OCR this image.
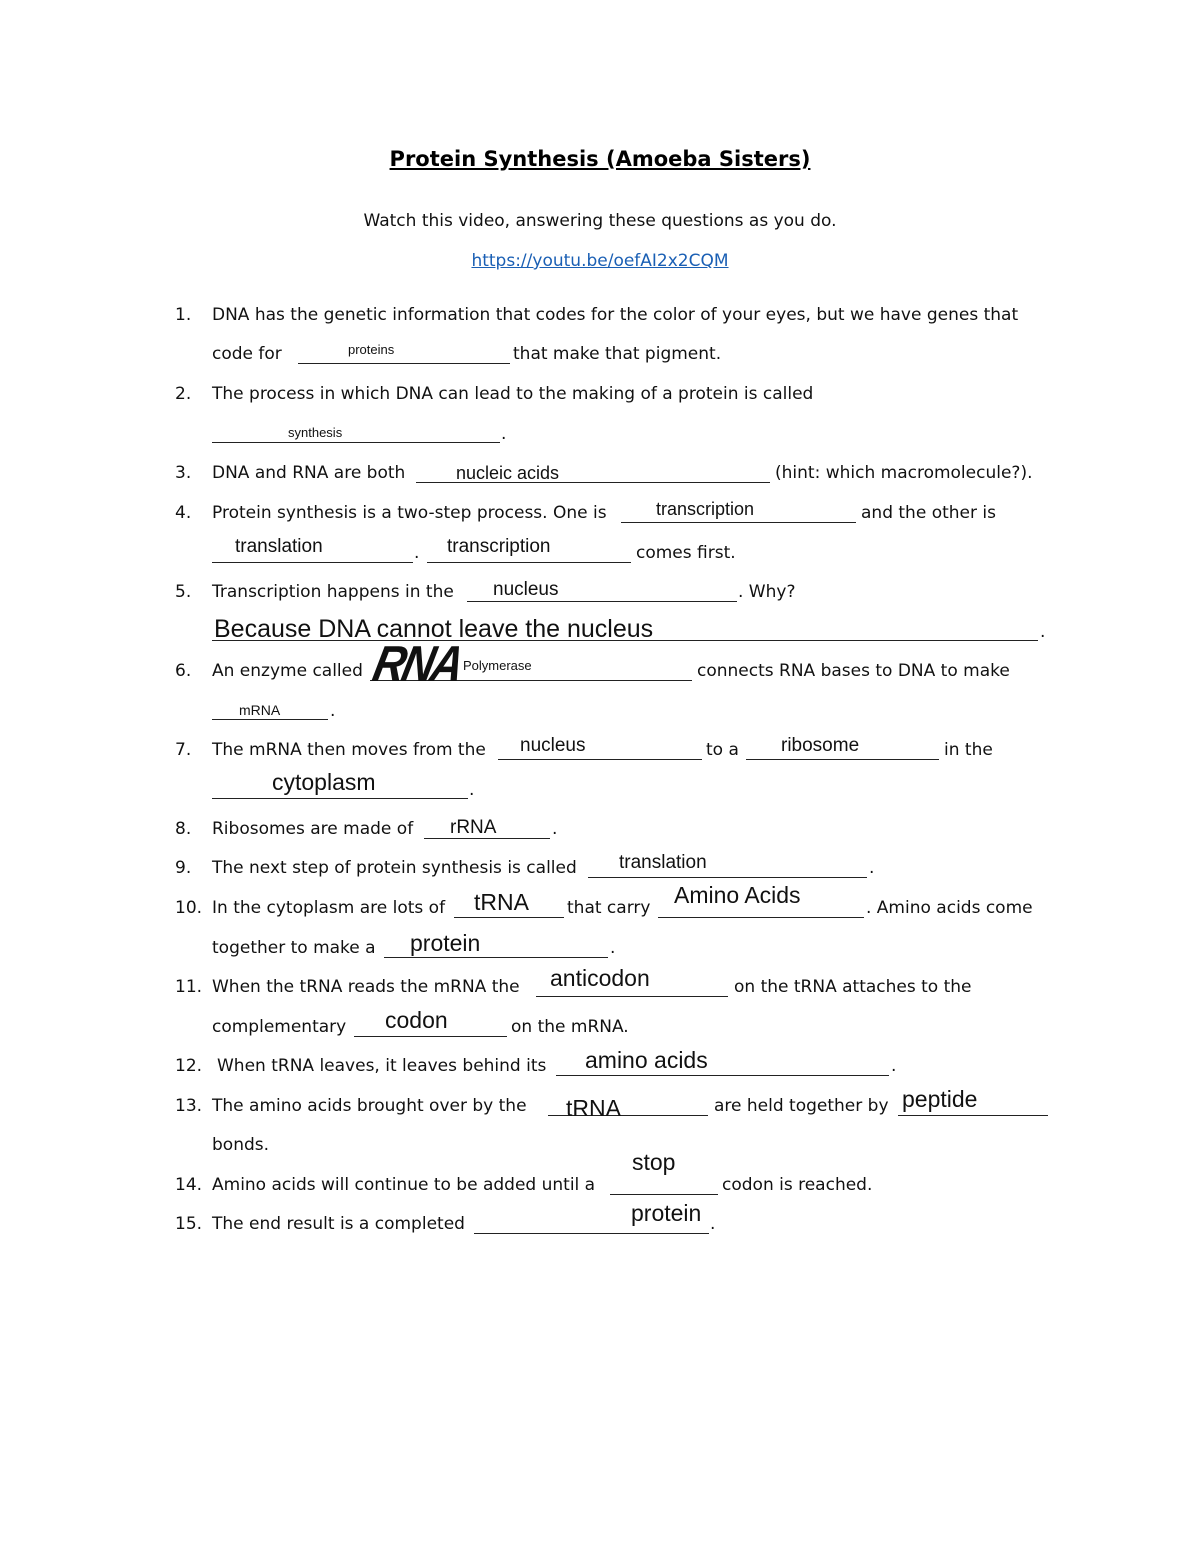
Protein Synthesis (Amoeba Sisters)
Watch this video, answering these questions as you do.
https://youtu.be/oefAI2x2CQM
1.	DNA has the genetic information that codes for the color of your eyes, but we have genes that
code for	proteins	that make that pigment.
2.	The process in which DNA can lead to the making of a protein is called
synthesis	.
3.	DNA and RNA are both	nucleic acids	(hint: which macromolecule?).
4.	Protein synthesis is a two-step process. One is	transcription	and the other is
translation	. transcription	comes first.
5.	Transcription happens in the nucleus	. Why?
Because DNA cannot leave the nucleus	.
6.	An enzyme called RNA
Polymerase	connects RNA bases to DNA to make
mRNA	.
7.	The mRNA then moves from the nucleus	to a ribosome	in the
cytoplasm	.
8.	Ribosomes are made of rRNA	.
9.	The next step of protein synthesis is called translation	.
10. In the cytoplasm are lots of tRNA that carry Amino Acids	. Amino acids come
together to make a protein	.
11. When the tRNA reads the mRNA the anticodon	on the tRNA attaches to the
complementary codon	on the mRNA.
12. When tRNA leaves, it leaves behind its amino acids	.
13. The amino acids brought over by the tRNA	are held together by peptide
bonds.
14. Amino acids will continue to be added until a
stop
codon is reached.
15. The end result is a completed	protein .
